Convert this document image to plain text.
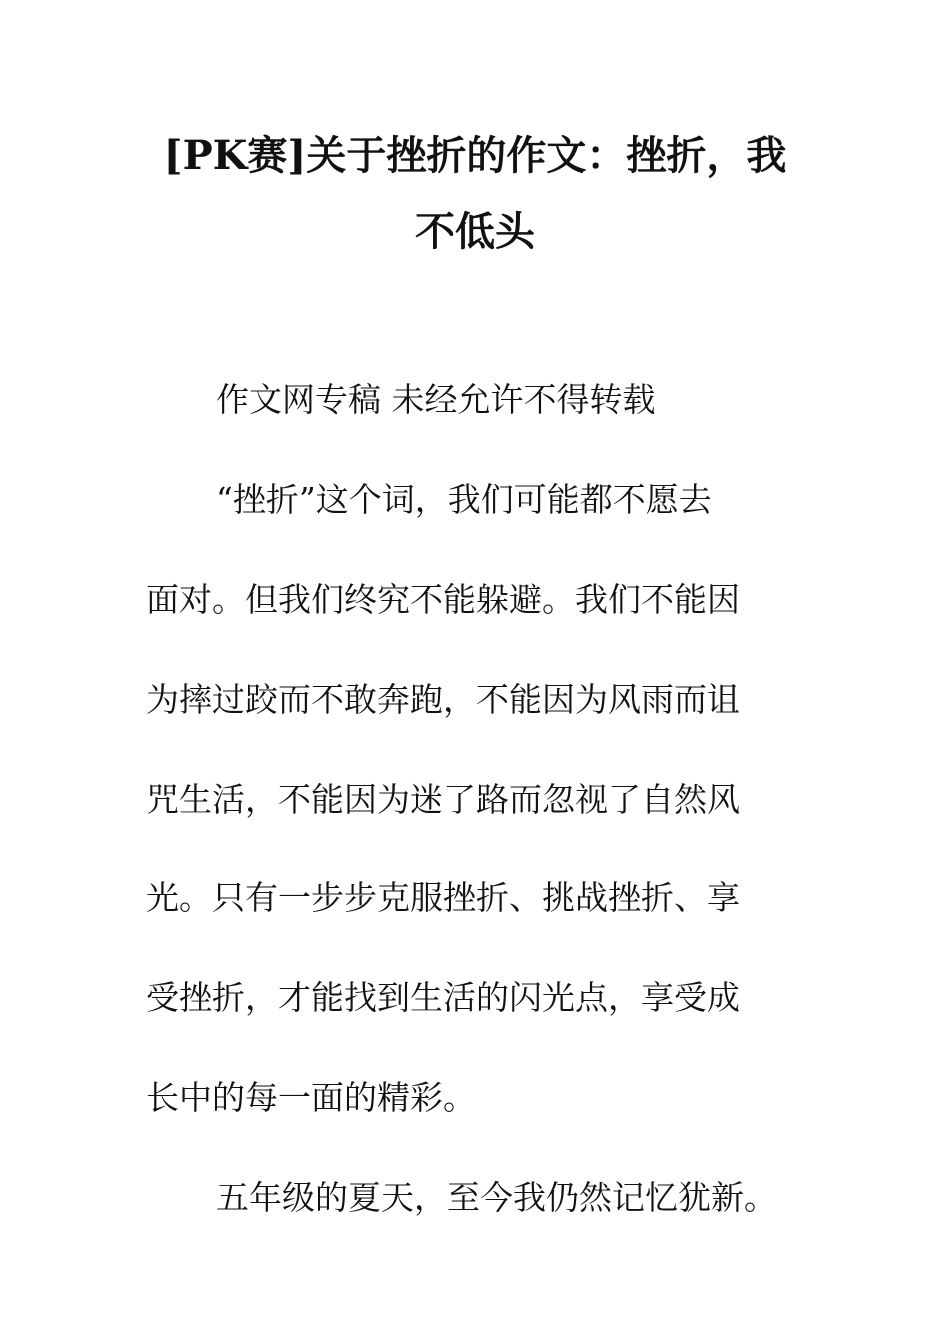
[PK赛]关于挫折的作文：挫折，我
不低头

作文网专稿 未经允许不得转载

“挫折”这个词，我们可能都不愿去

面对。但我们终究不能躲避。我们不能因

为摔过跤而不敢奔跑，不能因为风雨而诅

咒生活，不能因为迷了路而忽视了自然风

光。只有一步步克服挫折、挑战挫折、享

受挫折，才能找到生活的闪光点，享受成

长中的每一面的精彩。

五年级的夏天，至今我仍然记忆犹新。
